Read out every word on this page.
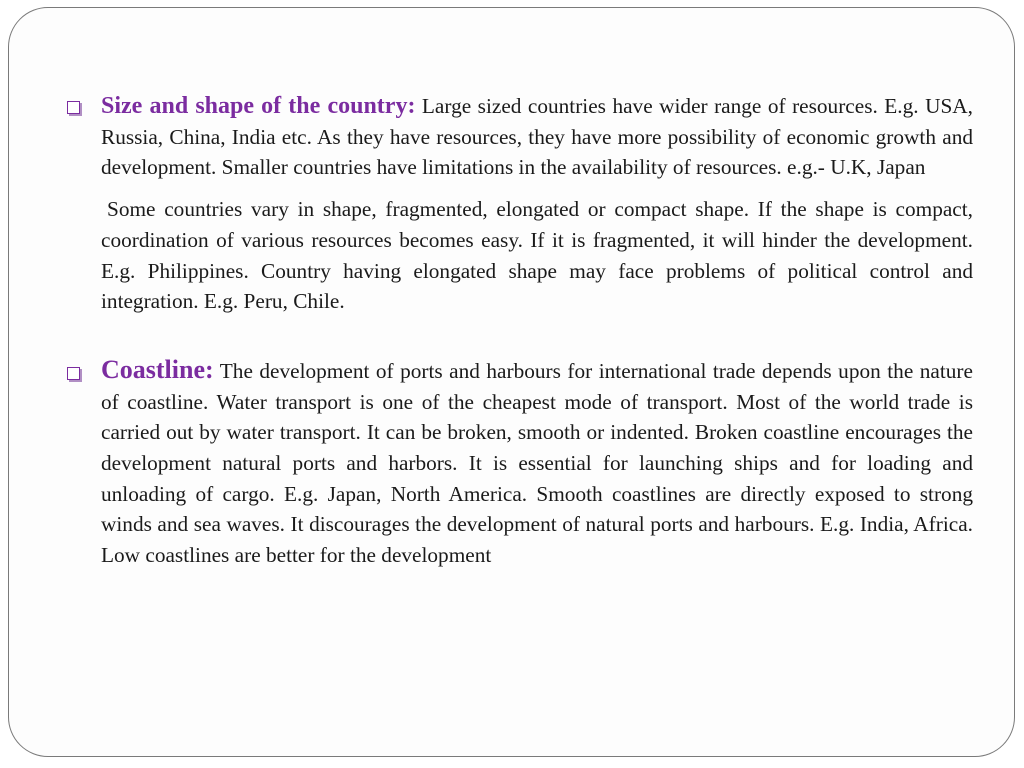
Size and shape of the country: Large sized countries have wider range of resources. E.g. USA, Russia, China, India etc. As they have resources, they have more possibility of economic growth and development. Smaller countries have limitations in the availability of resources. e.g.- U.K, Japan
Some countries vary in shape, fragmented, elongated or compact shape. If the shape is compact, coordination of various resources becomes easy. If it is fragmented, it will hinder the development. E.g. Philippines. Country having elongated shape may face problems of political control and integration. E.g. Peru, Chile.
Coastline: The development of ports and harbours for international trade depends upon the nature of coastline. Water transport is one of the cheapest mode of transport. Most of the world trade is carried out by water transport. It can be broken, smooth or indented. Broken coastline encourages the development natural ports and harbors. It is essential for launching ships and for loading and unloading of cargo. E.g. Japan, North America. Smooth coastlines are directly exposed to strong winds and sea waves. It discourages the development of natural ports and harbours. E.g. India, Africa. Low coastlines are better for the development
